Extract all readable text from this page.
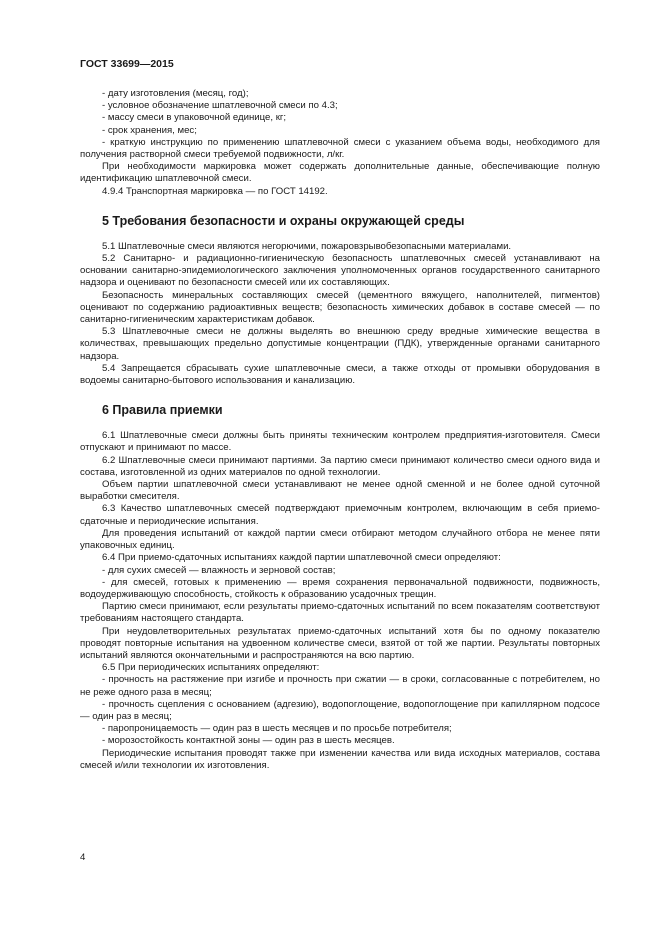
ГОСТ 33699—2015

- дату изготовления (месяц, год);

- условное обозначение шпатлевочной смеси по 4.3;

- массу смеси в упаковочной единице, кг;

- срок хранения, мес;

- краткую инструкцию по применению шпатлевочной смеси с указанием объема воды, необходимого для получения растворной смеси требуемой подвижности, л/кг.

При необходимости маркировка может содержать дополнительные данные, обеспечивающие полную идентификацию шпатлевочной смеси.

4.9.4 Транспортная маркировка — по ГОСТ 14192.

5 Требования безопасности и охраны окружающей среды

5.1 Шпатлевочные смеси являются негорючими, пожаровзрывобезопасными материалами.

5.2 Санитарно- и радиационно-гигиеническую безопасность шпатлевочных смесей устанавливают на основании санитарно-эпидемиологического заключения уполномоченных органов государственного санитарного надзора и оценивают по безопасности смесей или их составляющих.

Безопасность минеральных составляющих смесей (цементного вяжущего, наполнителей, пигментов) оценивают по содержанию радиоактивных веществ; безопасность химических добавок в составе смесей — по санитарно-гигиеническим характеристикам добавок.

5.3 Шпатлевочные смеси не должны выделять во внешнюю среду вредные химические вещества в количествах, превышающих предельно допустимые концентрации (ПДК), утвержденные органами санитарного надзора.

5.4 Запрещается сбрасывать сухие шпатлевочные смеси, а также отходы от промывки оборудования в водоемы санитарно-бытового использования и канализацию.

6 Правила приемки

6.1 Шпатлевочные смеси должны быть приняты техническим контролем предприятия-изготовителя. Смеси отпускают и принимают по массе.

6.2 Шпатлевочные смеси принимают партиями. За партию смеси принимают количество смеси одного вида и состава, изготовленной из одних материалов по одной технологии.

Объем партии шпатлевочной смеси устанавливают не менее одной сменной и не более одной суточной выработки смесителя.

6.3 Качество шпатлевочных смесей подтверждают приемочным контролем, включающим в себя приемо-сдаточные и периодические испытания.

Для проведения испытаний от каждой партии смеси отбирают методом случайного отбора не менее пяти упаковочных единиц.

6.4 При приемо-сдаточных испытаниях каждой партии шпатлевочной смеси определяют:

- для сухих смесей — влажность и зерновой состав;

- для смесей, готовых к применению — время сохранения первоначальной подвижности, подвижность, водоудерживающую способность, стойкость к образованию усадочных трещин.

Партию смеси принимают, если результаты приемо-сдаточных испытаний по всем показателям соответствуют требованиям настоящего стандарта.

При неудовлетворительных результатах приемо-сдаточных испытаний хотя бы по одному показателю проводят повторные испытания на удвоенном количестве смеси, взятой от той же партии. Результаты повторных испытаний являются окончательными и распространяются на всю партию.

6.5 При периодических испытаниях определяют:

- прочность на растяжение при изгибе и прочность при сжатии — в сроки, согласованные с потребителем, но не реже одного раза в месяц;

- прочность сцепления с основанием (адгезию), водопоглощение, водопоглощение при капиллярном подсосе — один раз в месяц;

- паропроницаемость — один раз в шесть месяцев и по просьбе потребителя;

- морозостойкость контактной зоны — один раз в шесть месяцев.

Периодические испытания проводят также при изменении качества или вида исходных материалов, состава смесей и/или технологии их изготовления.

4
